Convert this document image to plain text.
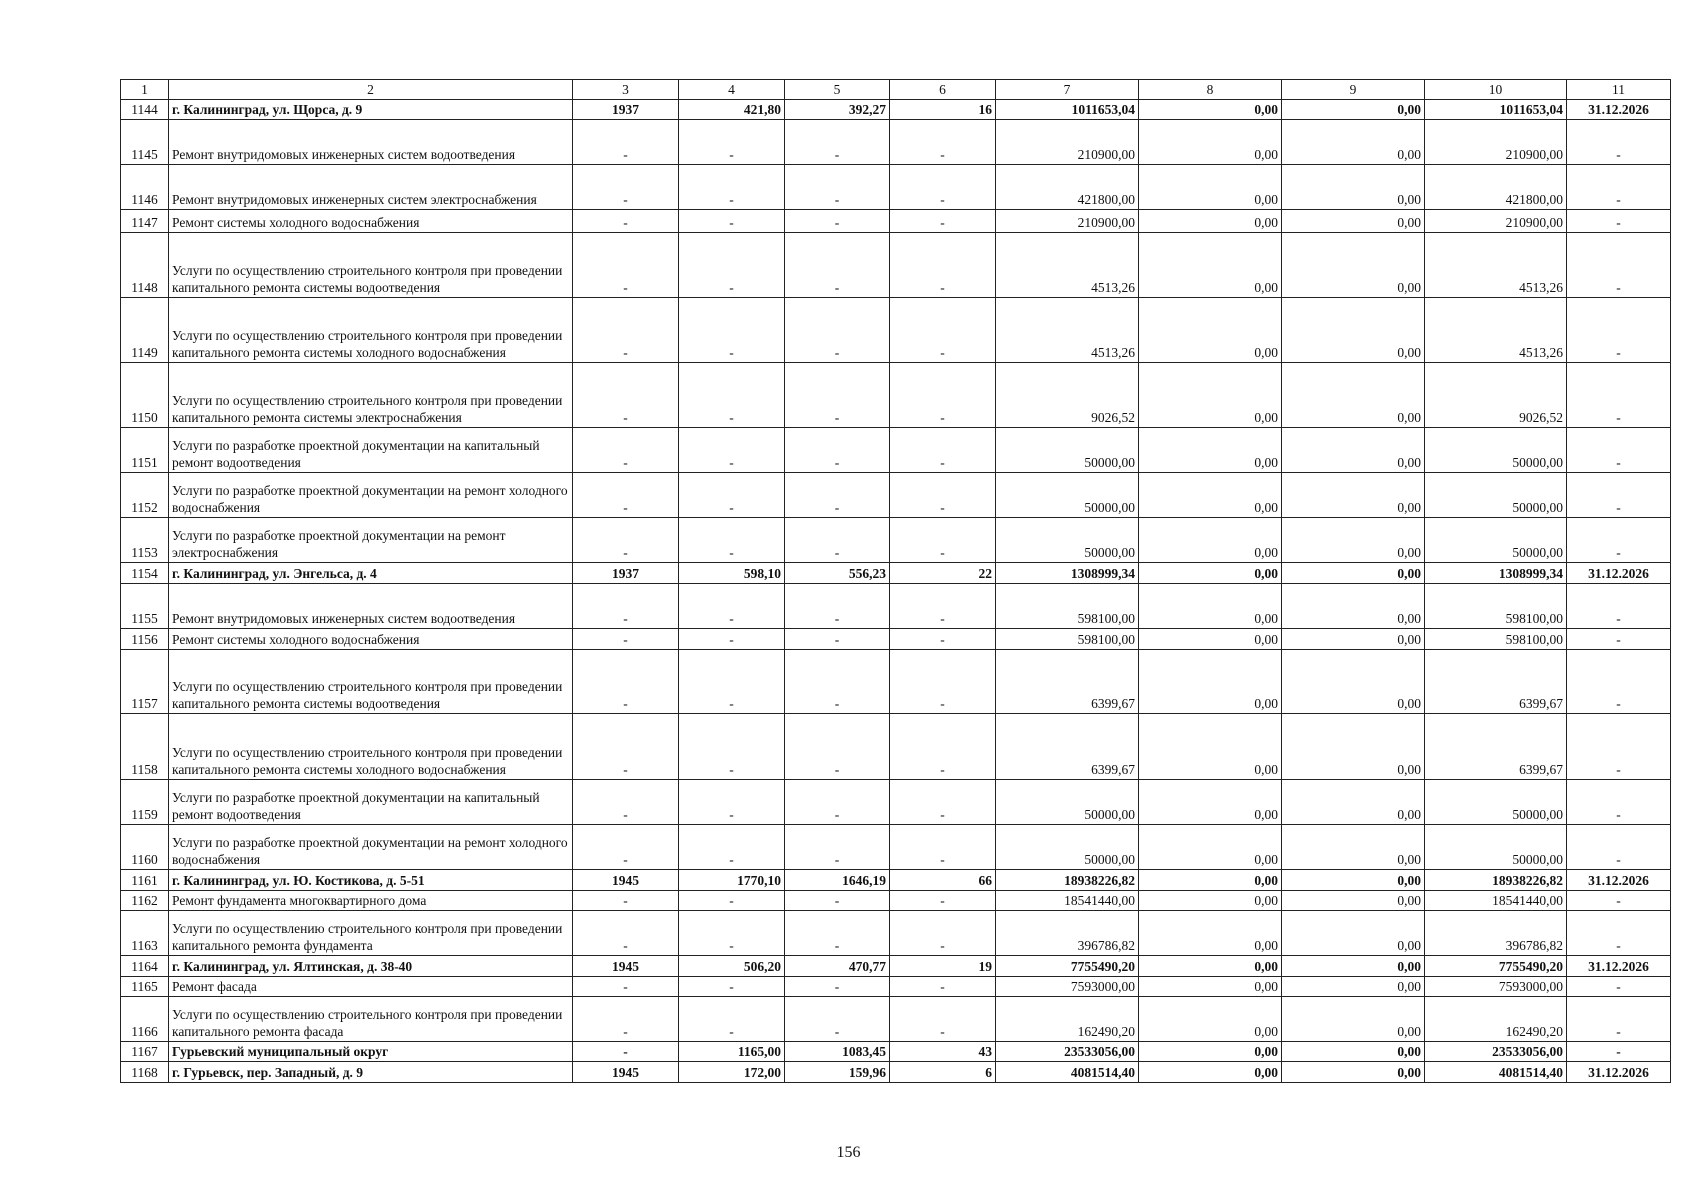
1	2	3	4	5	6	7	8	9	10	11
1144	г. Калининград, ул. Щорса, д. 9	1937	421,80	392,27	16	1011653,04	0,00	0,00	1011653,04	31.12.2026
1145	Ремонт внутридомовых инженерных систем водоотведения	-	-	-	-	210900,00	0,00	0,00	210900,00	-
1146	Ремонт внутридомовых инженерных систем электроснабжения	-	-	-	-	421800,00	0,00	0,00	421800,00	-
1147	Ремонт системы холодного водоснабжения	-	-	-	-	210900,00	0,00	0,00	210900,00	-
1148	Услуги по осуществлению строительного контроля при проведении капитального ремонта системы водоотведения	-	-	-	-	4513,26	0,00	0,00	4513,26	-
1149	Услуги по осуществлению строительного контроля при проведении капитального ремонта системы холодного водоснабжения	-	-	-	-	4513,26	0,00	0,00	4513,26	-
1150	Услуги по осуществлению строительного контроля при проведении капитального ремонта системы электроснабжения	-	-	-	-	9026,52	0,00	0,00	9026,52	-
1151	Услуги по разработке проектной документации на капитальный ремонт водоотведения	-	-	-	-	50000,00	0,00	0,00	50000,00	-
1152	Услуги по разработке проектной документации на ремонт холодного водоснабжения	-	-	-	-	50000,00	0,00	0,00	50000,00	-
1153	Услуги по разработке проектной документации на ремонт электроснабжения	-	-	-	-	50000,00	0,00	0,00	50000,00	-
1154	г. Калининград, ул. Энгельса, д. 4	1937	598,10	556,23	22	1308999,34	0,00	0,00	1308999,34	31.12.2026
1155	Ремонт внутридомовых инженерных систем водоотведения	-	-	-	-	598100,00	0,00	0,00	598100,00	-
1156	Ремонт системы холодного водоснабжения	-	-	-	-	598100,00	0,00	0,00	598100,00	-
1157	Услуги по осуществлению строительного контроля при проведении капитального ремонта системы водоотведения	-	-	-	-	6399,67	0,00	0,00	6399,67	-
1158	Услуги по осуществлению строительного контроля при проведении капитального ремонта системы холодного водоснабжения	-	-	-	-	6399,67	0,00	0,00	6399,67	-
1159	Услуги по разработке проектной документации на капитальный ремонт водоотведения	-	-	-	-	50000,00	0,00	0,00	50000,00	-
1160	Услуги по разработке проектной документации на ремонт холодного водоснабжения	-	-	-	-	50000,00	0,00	0,00	50000,00	-
1161	г. Калининград, ул. Ю. Костикова, д. 5-51	1945	1770,10	1646,19	66	18938226,82	0,00	0,00	18938226,82	31.12.2026
1162	Ремонт фундамента многоквартирного дома	-	-	-	-	18541440,00	0,00	0,00	18541440,00	-
1163	Услуги по осуществлению строительного контроля при проведении капитального ремонта фундамента	-	-	-	-	396786,82	0,00	0,00	396786,82	-
1164	г. Калининград, ул. Ялтинская, д. 38-40	1945	506,20	470,77	19	7755490,20	0,00	0,00	7755490,20	31.12.2026
1165	Ремонт фасада	-	-	-	-	7593000,00	0,00	0,00	7593000,00	-
1166	Услуги по осуществлению строительного контроля при проведении капитального ремонта фасада	-	-	-	-	162490,20	0,00	0,00	162490,20	-
1167	Гурьевский муниципальный округ	-	1165,00	1083,45	43	23533056,00	0,00	0,00	23533056,00	-
1168	г. Гурьевск, пер. Западный, д. 9	1945	172,00	159,96	6	4081514,40	0,00	0,00	4081514,40	31.12.2026
156
